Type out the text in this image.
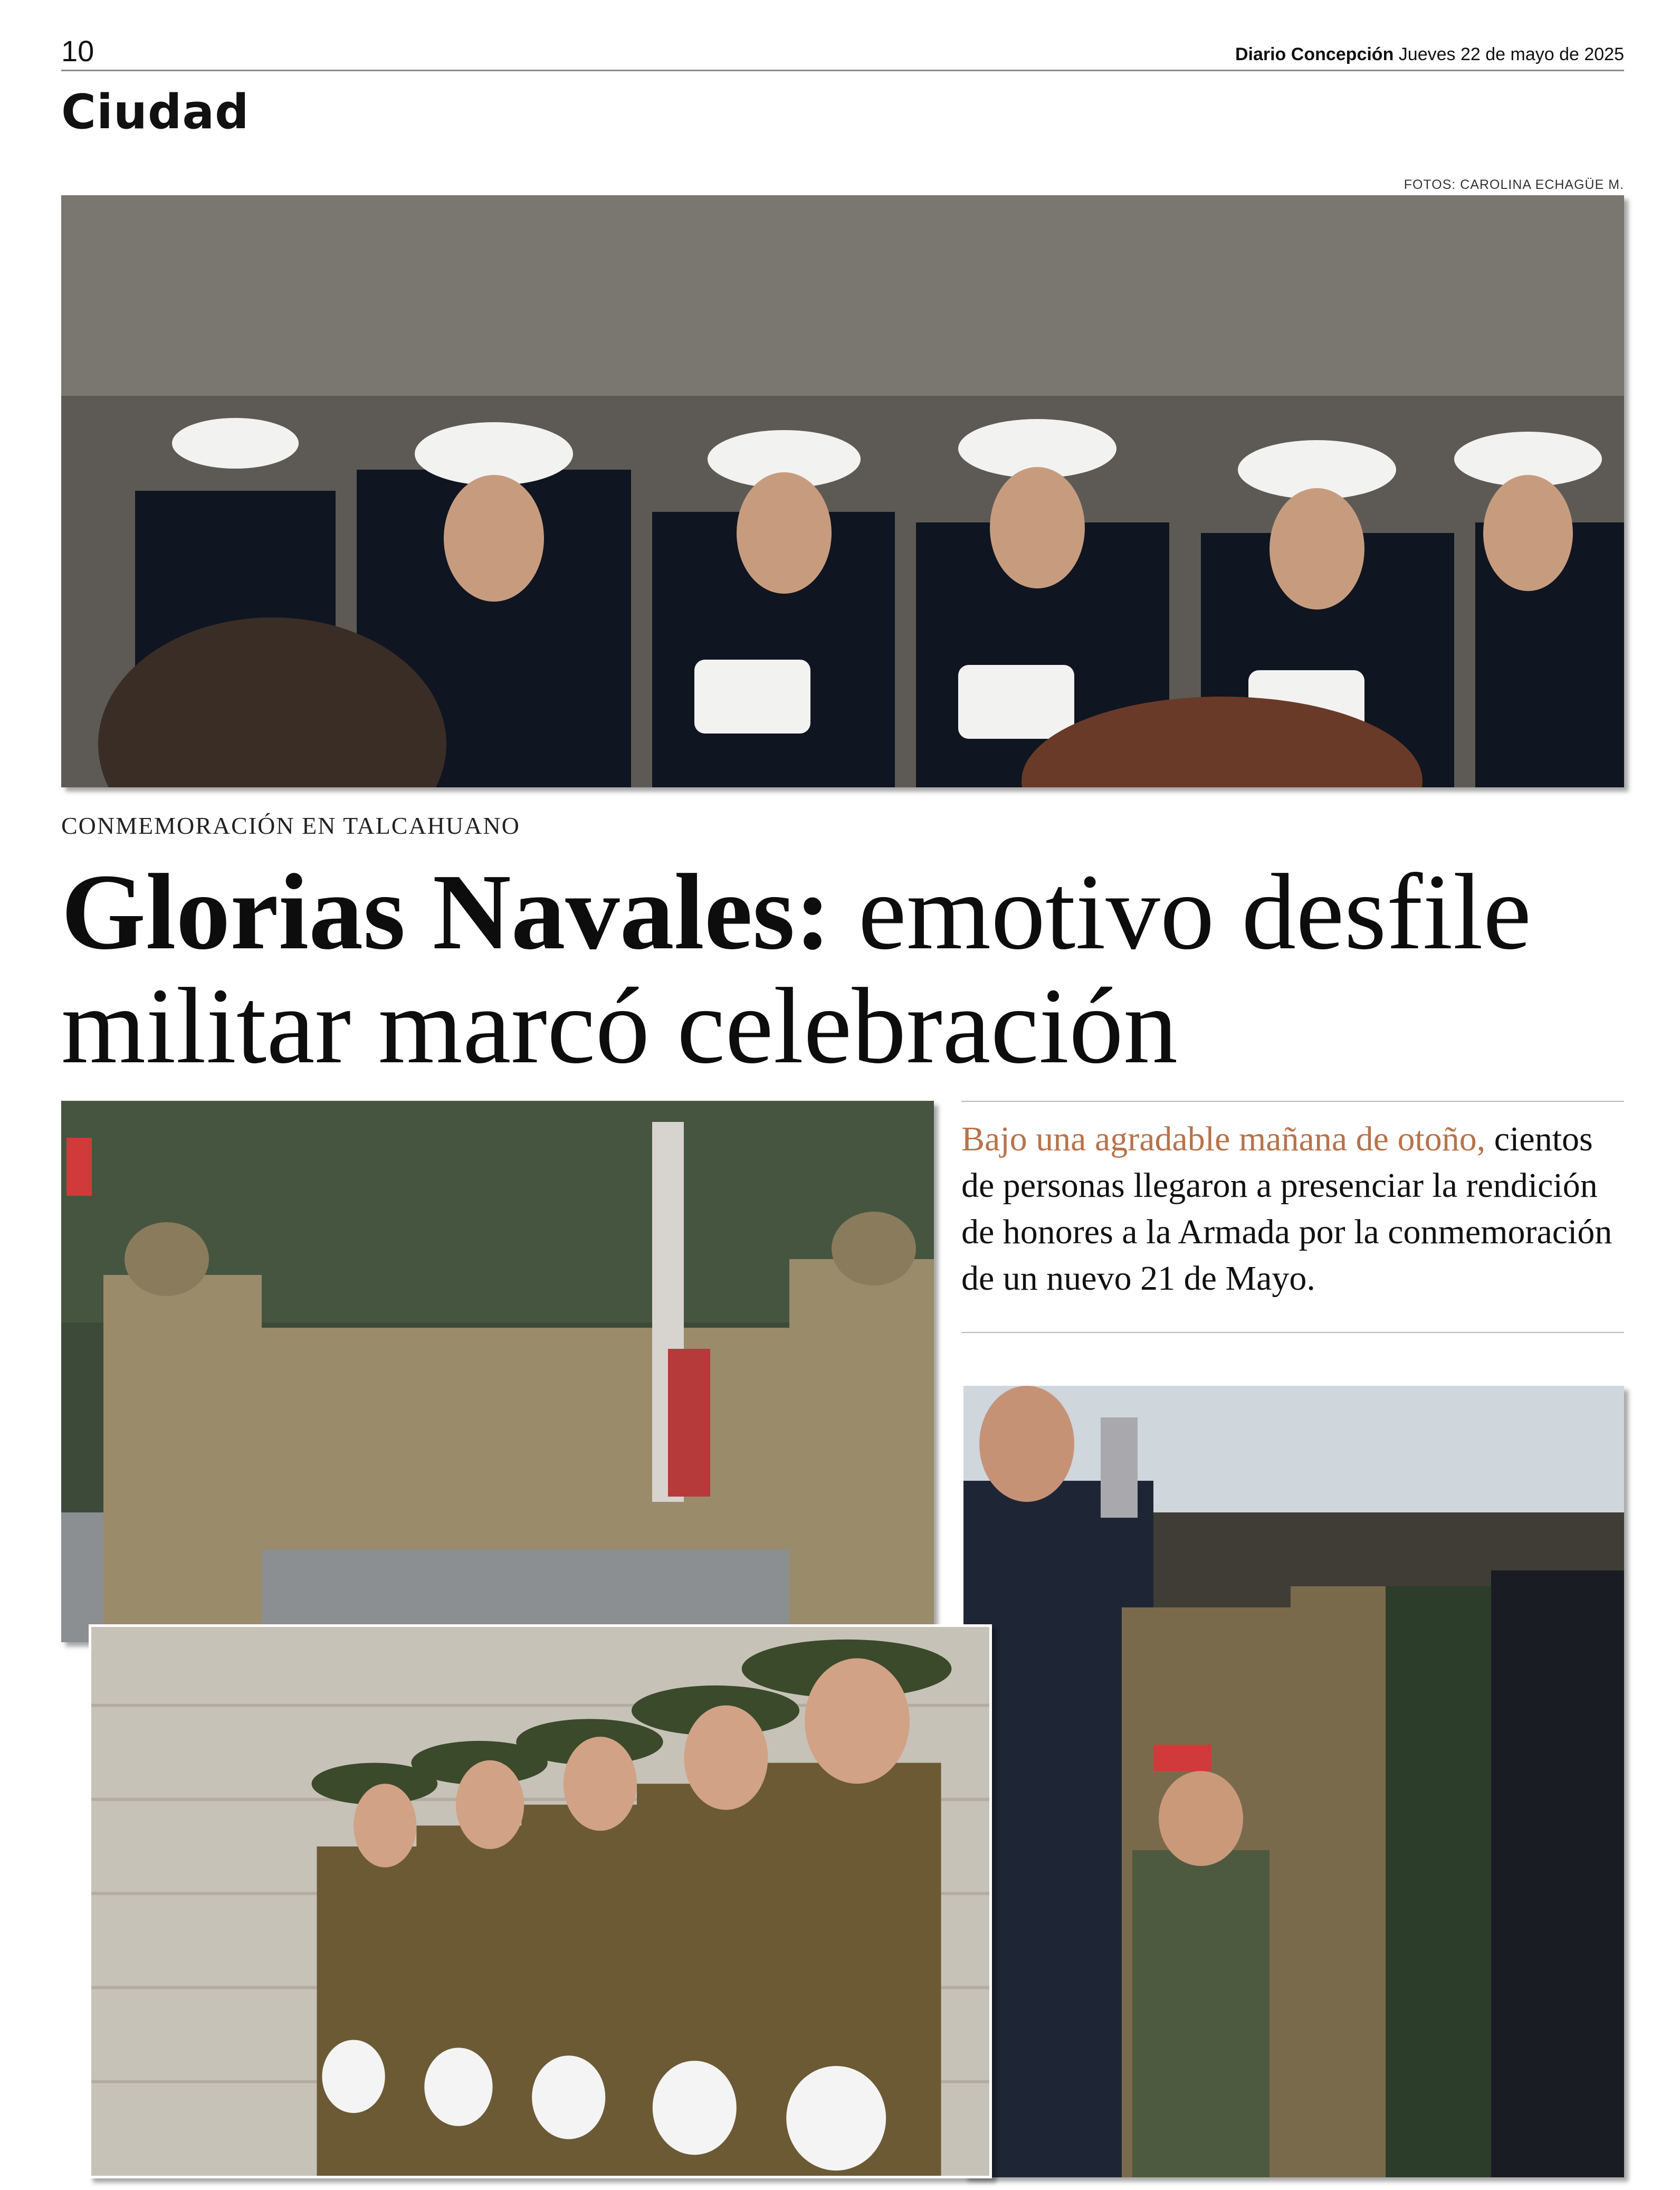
10	Diario Concepción Jueves 22 de mayo de 2025
Ciudad
FOTOS: CAROLINA ECHAGÜE M.
CONMEMORACIÓN EN TALCAHUANO
Glorias Navales: emotivo desfile militar marcó celebración
Bajo una agradable mañana de otoño, cientos de personas llegaron a presenciar la rendición de honores a la Armada por la conmemoración de un nuevo 21 de Mayo.
